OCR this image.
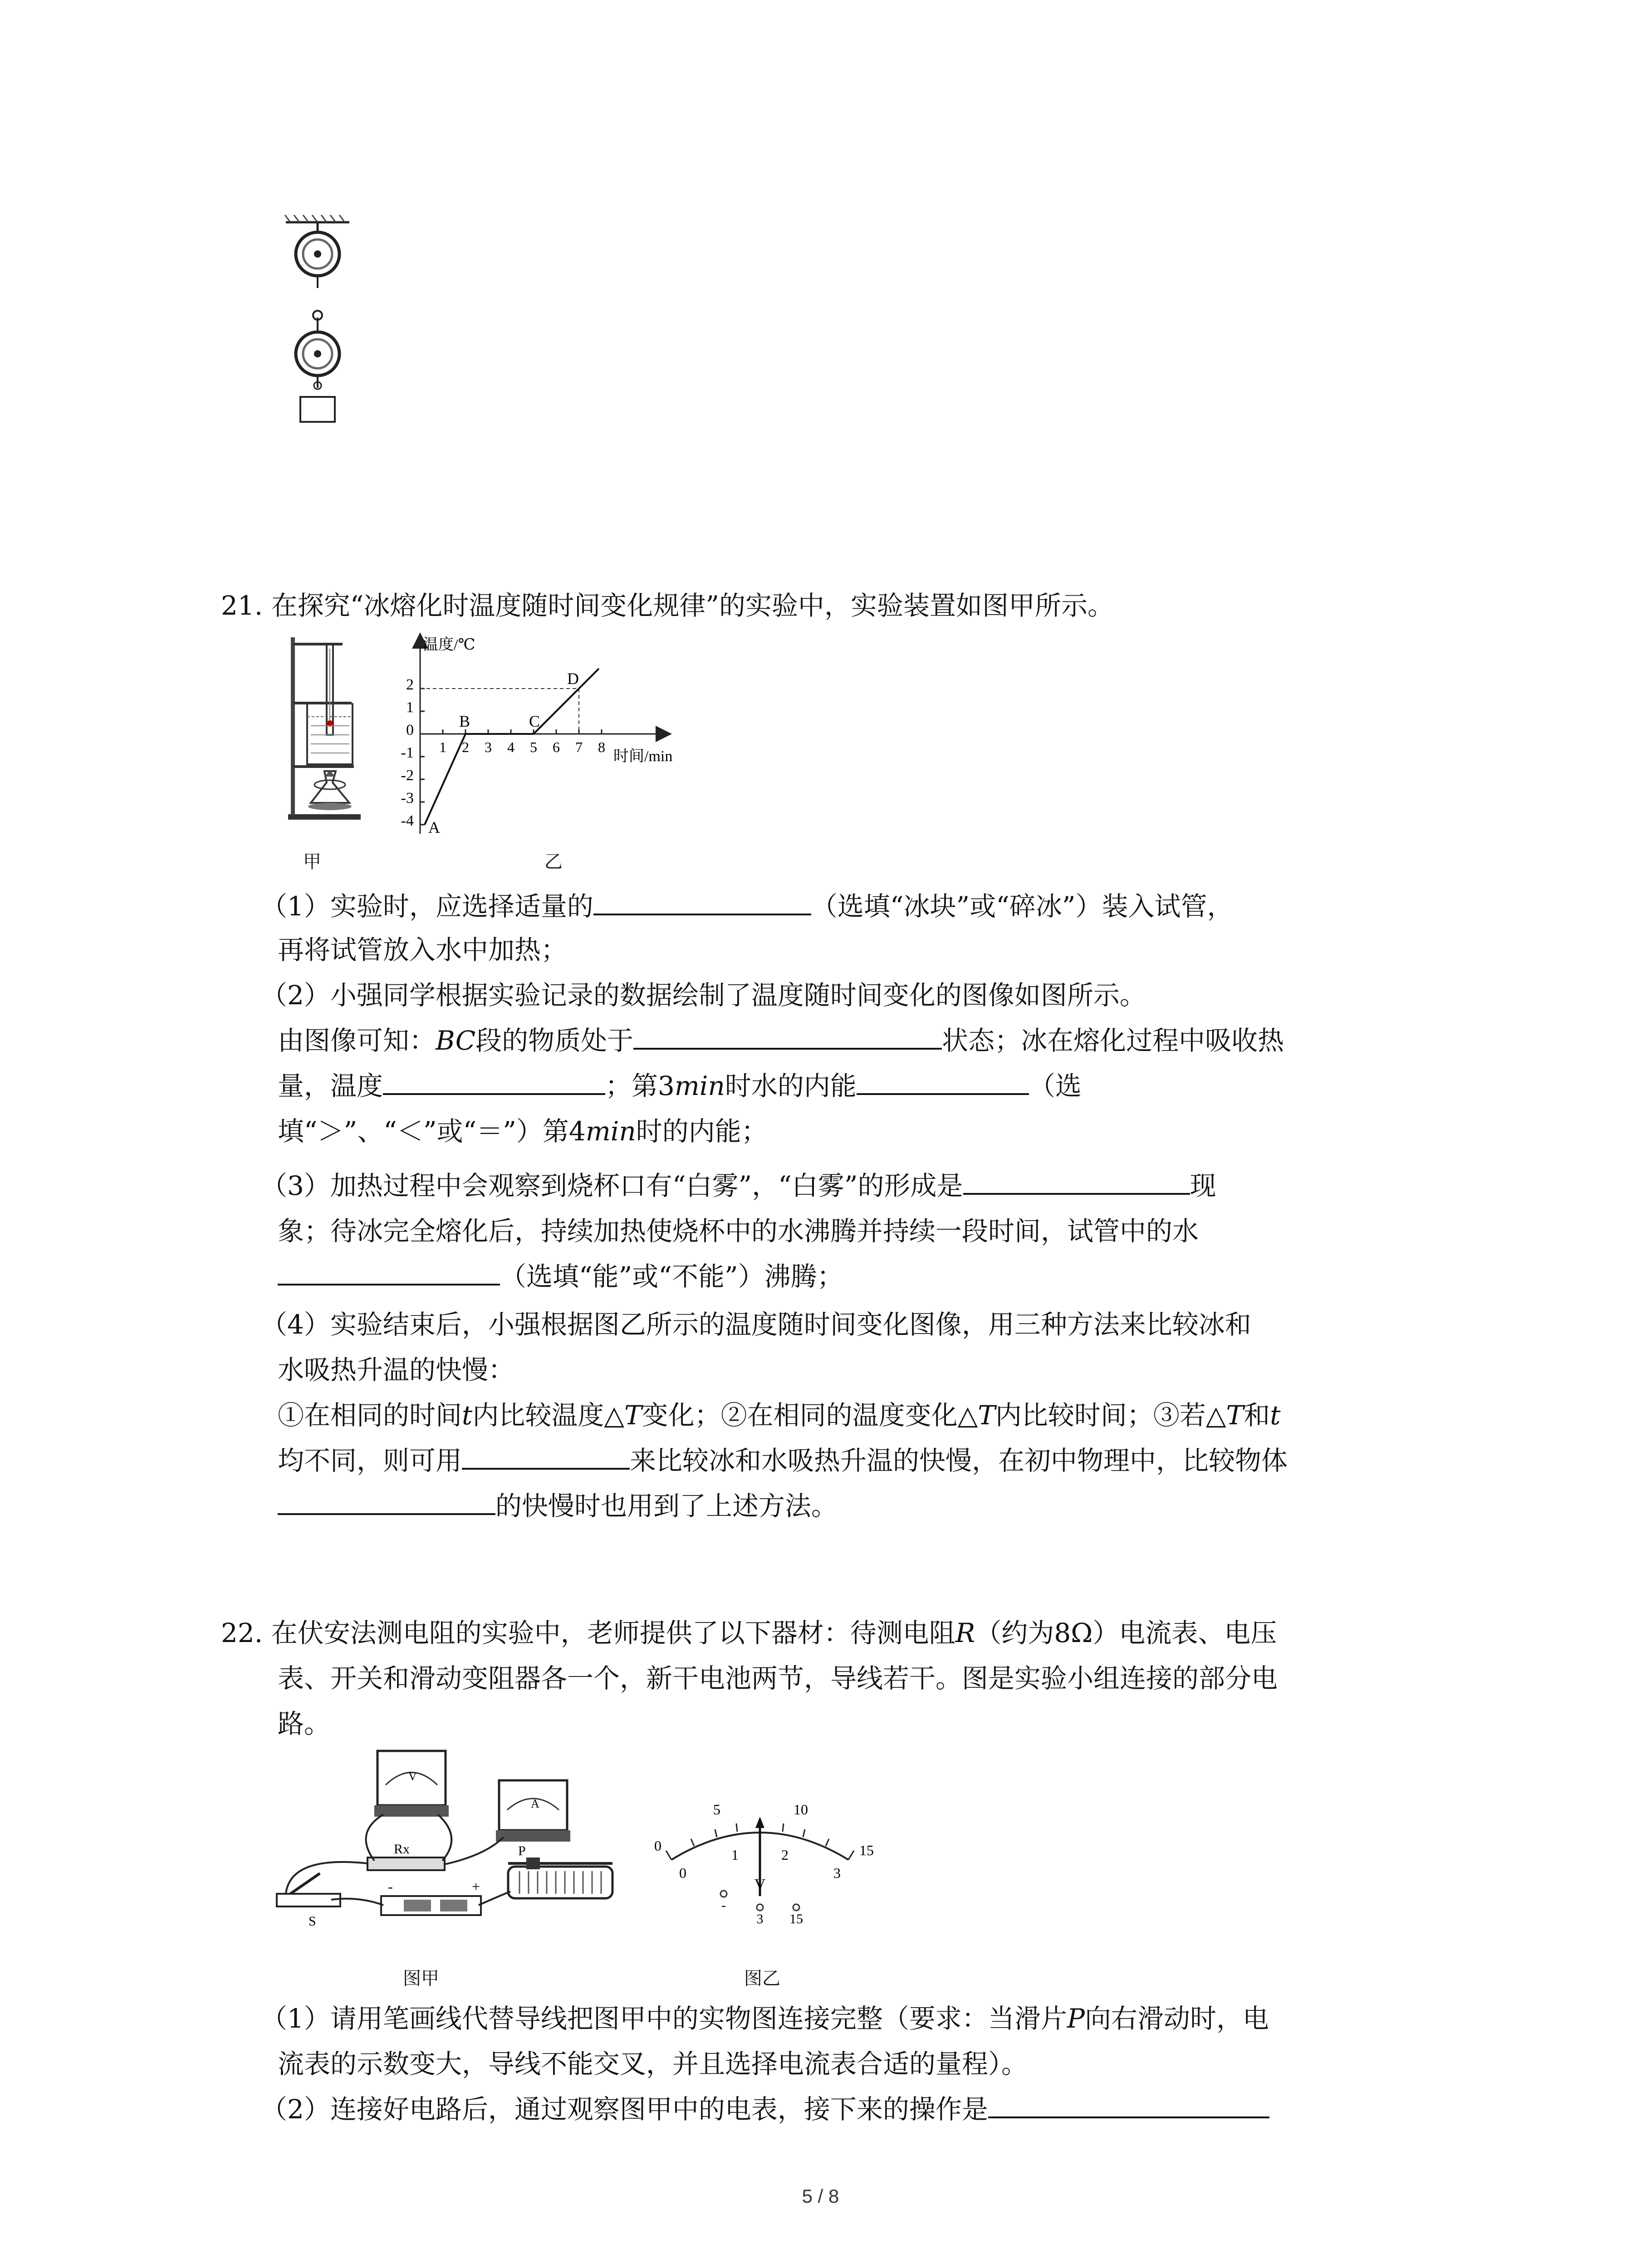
21. 在探究“冰熔化时温度随时间变化规律”的实验中，实验装置如图甲所示。
甲
温度/℃
时间/min
2
1
0
-1
-2
-3
-4
1 2 3 4 5 6 7 8
A
B	C
D
乙
（1）实验时，应选择适量的	（选填“冰块”或“碎冰”）装入试管，
再将试管放入水中加热；
（2）小强同学根据实验记录的数据绘制了温度随时间变化的图像如图所示。
由图像可知：BC段的物质处于	状态；冰在熔化过程中吸收热
量，温度	；第3min时水的内能	（选
填“＞”、“＜”或“＝”）第4min时的内能；
（3）加热过程中会观察到烧杯口有“白雾”，“白雾”的形成是	现
象；待冰完全熔化后，持续加热使烧杯中的水沸腾并持续一段时间，试管中的水
（选填“能”或“不能”）沸腾；
（4）实验结束后，小强根据图乙所示的温度随时间变化图像，用三种方法来比较冰和
水吸热升温的快慢：
①在相同的时间t内比较温度△T变化；②在相同的温度变化△T内比较时间；③若△T和t
均不同，则可用	来比较冰和水吸热升温的快慢，在初中物理中，比较物体
的快慢时也用到了上述方法。
22. 在伏安法测电阻的实验中，老师提供了以下器材：待测电阻R（约为8Ω）电流表、电压
表、开关和滑动变阻器各一个，新干电池两节，导线若干。图是实验小组连接的部分电
路。
V
A
Rx
S
-	+
P
图甲
0
5	10
15
0
1	2
3
V
-
3 15
图乙
（1）请用笔画线代替导线把图甲中的实物图连接完整（要求：当滑片P向右滑动时，电
流表的示数变大，导线不能交叉，并且选择电流表合适的量程）。
（2）连接好电路后，通过观察图甲中的电表，接下来的操作是
5 / 8
